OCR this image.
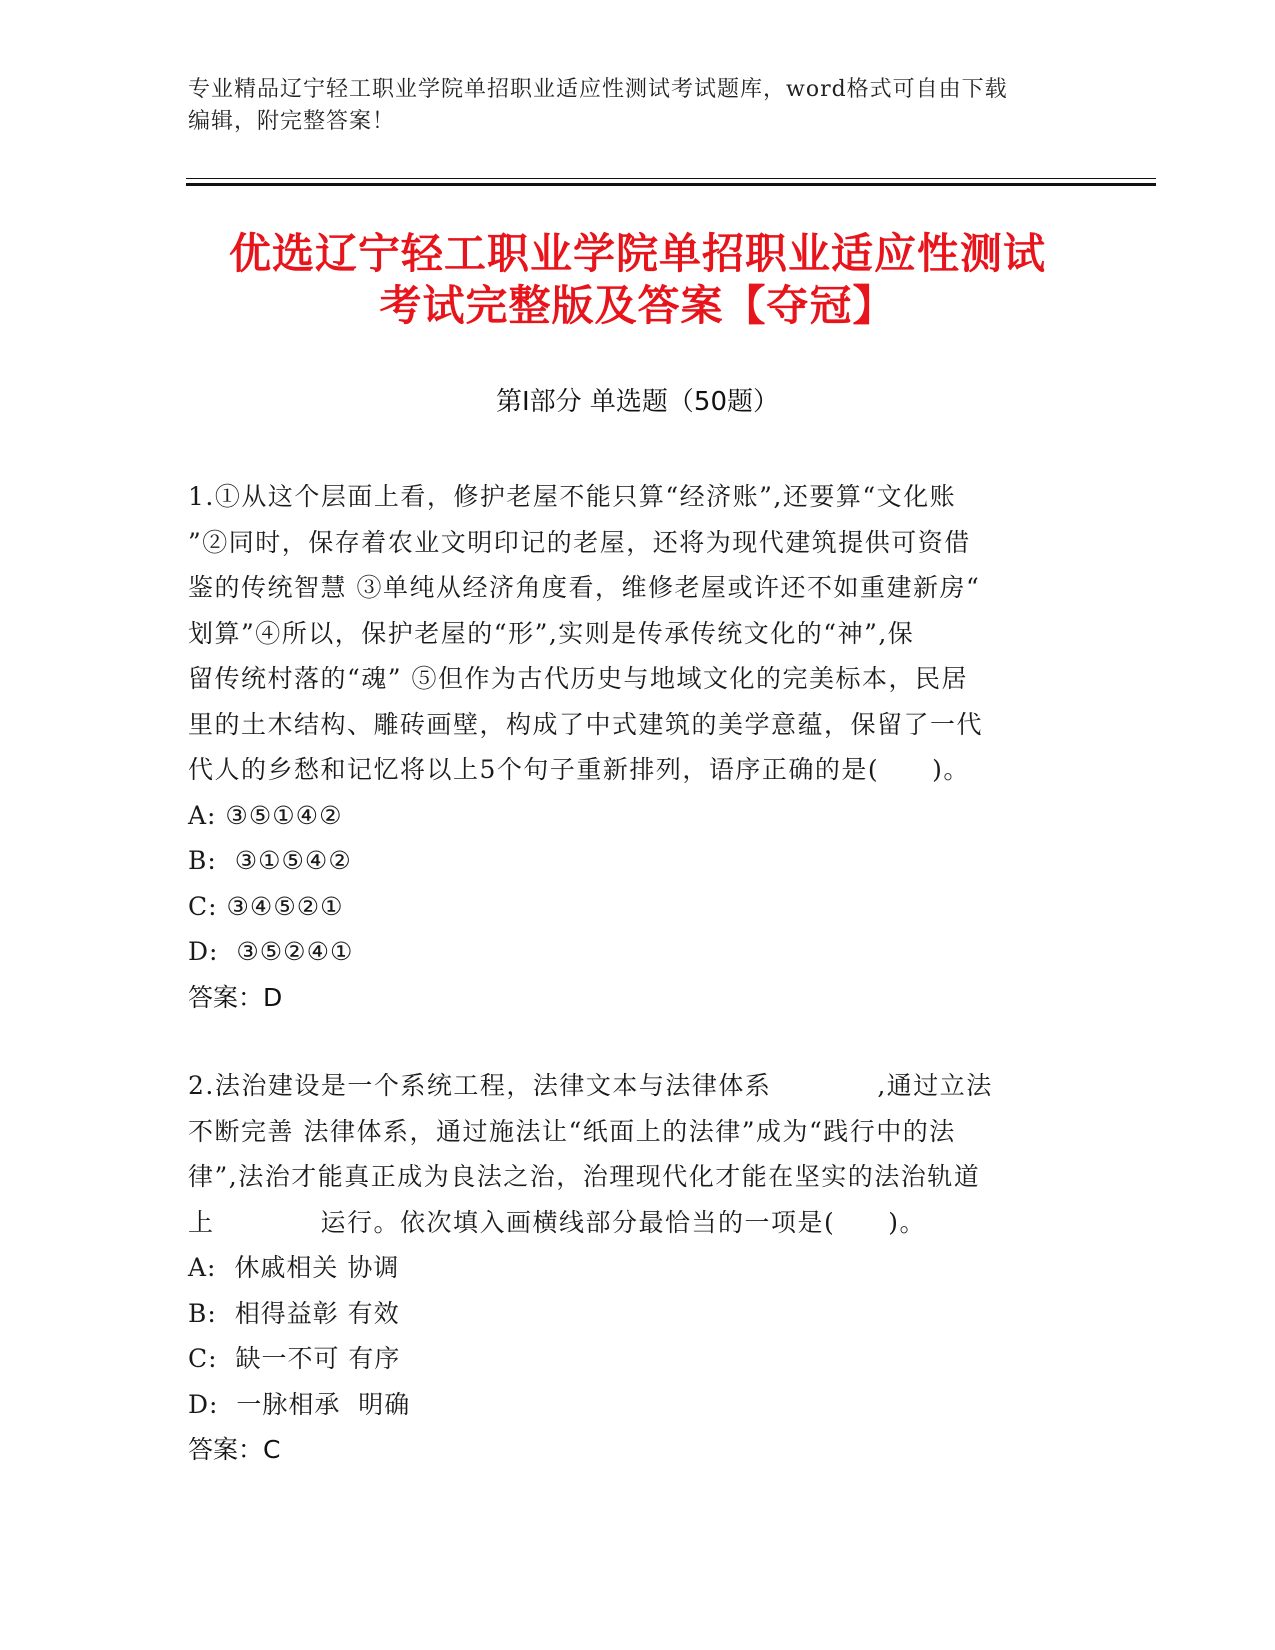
专业精品辽宁轻工职业学院单招职业适应性测试考试题库，word格式可自由下载
编辑，附完整答案！
优选辽宁轻工职业学院单招职业适应性测试
考试完整版及答案【夺冠】
第Ⅰ部分 单选题（50题）
1.①从这个层面上看，修护老屋不能只算“经济账”,还要算“文化账
”②同时，保存着农业文明印记的老屋，还将为现代建筑提供可资借
鉴的传统智慧 ③单纯从经济角度看，维修老屋或许还不如重建新房“
划算”④所以，保护老屋的“形”,实则是传承传统文化的“神”,保
留传统村落的“魂” ⑤但作为古代历史与地域文化的完美标本，民居
里的土木结构、雕砖画壁，构成了中式建筑的美学意蕴，保留了一代
代人的乡愁和记忆将以上5个句子重新排列，语序正确的是(　　)。
A: ③⑤①④②
B:  ③①⑤④②
C: ③④⑤②①
D:  ③⑤②④①
答案：D
2.法治建设是一个系统工程，法律文本与法律体系　　　　,通过立法
不断完善 法律体系，通过施法让“纸面上的法律”成为“践行中的法
律”,法治才能真正成为良法之治，治理现代化才能在坚实的法治轨道
上　　　　运行。依次填入画横线部分最恰当的一项是(　　)。
A:  休戚相关 协调
B:  相得益彰 有效
C:  缺一不可 有序
D:  一脉相承  明确
答案：C
